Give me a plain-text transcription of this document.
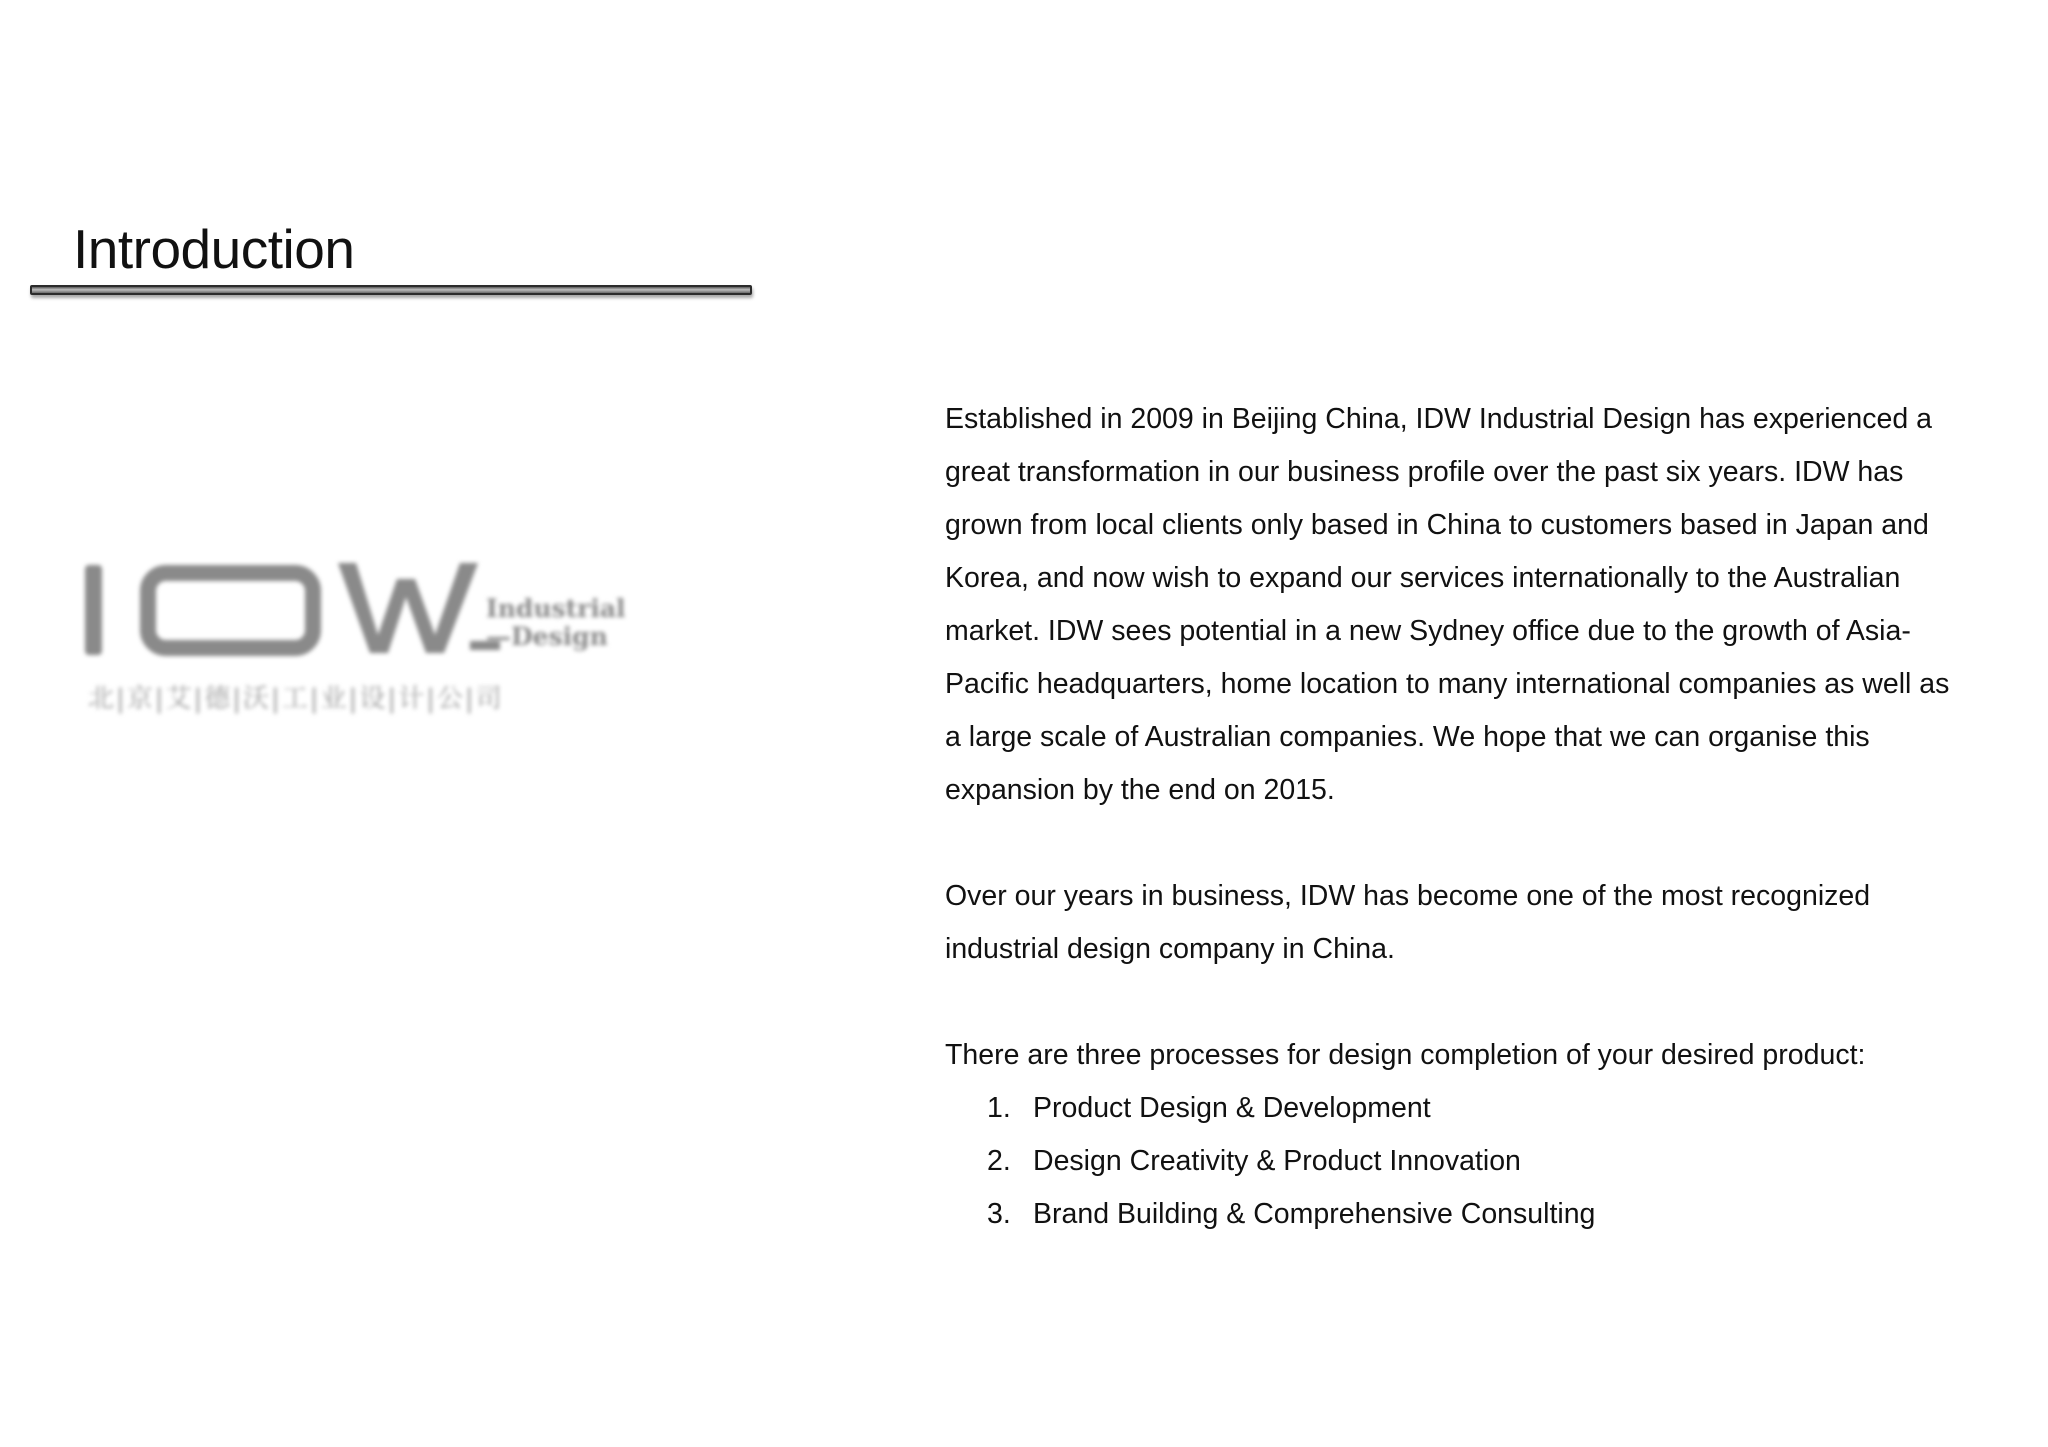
Introduction
Industrial
—Design
北|京|艾|德|沃|工|业|设|计|公|司

Established in 2009 in Beijing China, IDW Industrial Design has experienced a great transformation in our business profile over the past six years. IDW has grown from local clients only based in China to customers based in Japan and Korea, and now wish to expand our services internationally to the Australian market. IDW sees potential in a new Sydney office due to the growth of Asia-Pacific headquarters, home location to many international companies as well as a large scale of Australian companies. We hope that we can organise this expansion by the end on 2015.

Over our years in business, IDW has become one of the most recognized industrial design company in China.

There are three processes for design completion of your desired product:

1. Product Design & Development
2. Design Creativity & Product Innovation
3. Brand Building & Comprehensive Consulting
